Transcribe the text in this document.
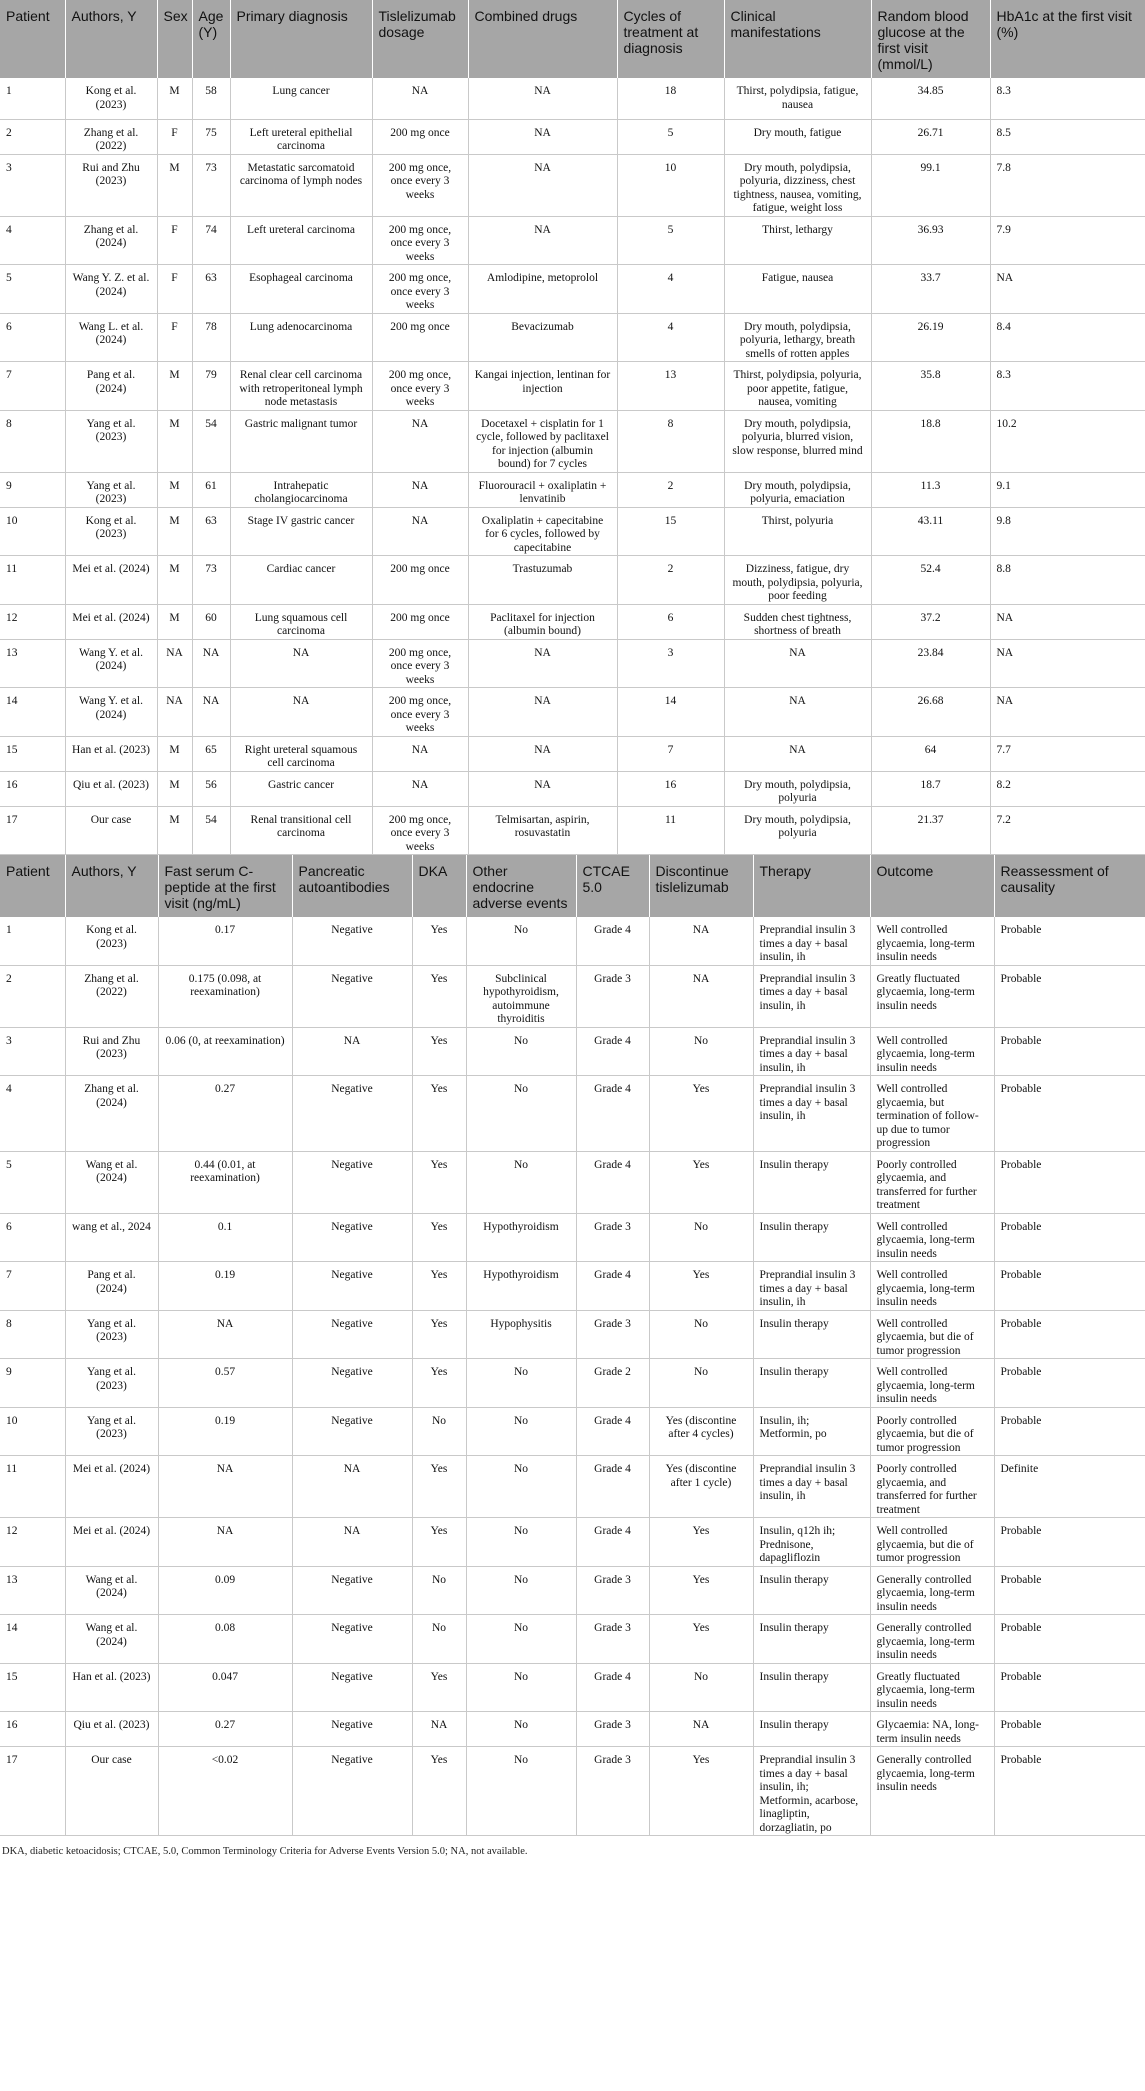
Patient	Authors, Y	Sex	Age (Y)	Primary diagnosis	Tislelizumab dosage	Combined drugs	Cycles of treatment at diagnosis	Clinical manifestations	Random blood glucose at the first visit (mmol/L)	HbA1c at the first visit (%)
1	Kong et al. (2023)	M	58	Lung cancer	NA	NA	18	Thirst, polydipsia, fatigue, nausea	34.85	8.3
2	Zhang et al. (2022)	F	75	Left ureteral epithelial carcinoma	200 mg once	NA	5	Dry mouth, fatigue	26.71	8.5
3	Rui and Zhu (2023)	M	73	Metastatic sarcomatoid carcinoma of lymph nodes	200 mg once, once every 3 weeks	NA	10	Dry mouth, polydipsia, polyuria, dizziness, chest tightness, nausea, vomiting, fatigue, weight loss	99.1	7.8
4	Zhang et al. (2024)	F	74	Left ureteral carcinoma	200 mg once, once every 3 weeks	NA	5	Thirst, lethargy	36.93	7.9
5	Wang Y. Z. et al. (2024)	F	63	Esophageal carcinoma	200 mg once, once every 3 weeks	Amlodipine, metoprolol	4	Fatigue, nausea	33.7	NA
6	Wang L. et al. (2024)	F	78	Lung adenocarcinoma	200 mg once	Bevacizumab	4	Dry mouth, polydipsia, polyuria, lethargy, breath smells of rotten apples	26.19	8.4
7	Pang et al. (2024)	M	79	Renal clear cell carcinoma with retroperitoneal lymph node metastasis	200 mg once, once every 3 weeks	Kangai injection, lentinan for injection	13	Thirst, polydipsia, polyuria, poor appetite, fatigue, nausea, vomiting	35.8	8.3
8	Yang et al. (2023)	M	54	Gastric malignant tumor	NA	Docetaxel + cisplatin for 1 cycle, followed by paclitaxel for injection (albumin bound) for 7 cycles	8	Dry mouth, polydipsia, polyuria, blurred vision, slow response, blurred mind	18.8	10.2
9	Yang et al. (2023)	M	61	Intrahepatic cholangiocarcinoma	NA	Fluorouracil + oxaliplatin + lenvatinib	2	Dry mouth, polydipsia, polyuria, emaciation	11.3	9.1
10	Kong et al. (2023)	M	63	Stage IV gastric cancer	NA	Oxaliplatin + capecitabine for 6 cycles, followed by capecitabine	15	Thirst, polyuria	43.11	9.8
11	Mei et al. (2024)	M	73	Cardiac cancer	200 mg once	Trastuzumab	2	Dizziness, fatigue, dry mouth, polydipsia, polyuria, poor feeding	52.4	8.8
12	Mei et al. (2024)	M	60	Lung squamous cell carcinoma	200 mg once	Paclitaxel for injection (albumin bound)	6	Sudden chest tightness, shortness of breath	37.2	NA
13	Wang Y. et al. (2024)	NA	NA	NA	200 mg once, once every 3 weeks	NA	3	NA	23.84	NA
14	Wang Y. et al. (2024)	NA	NA	NA	200 mg once, once every 3 weeks	NA	14	NA	26.68	NA
15	Han et al. (2023)	M	65	Right ureteral squamous cell carcinoma	NA	NA	7	NA	64	7.7
16	Qiu et al. (2023)	M	56	Gastric cancer	NA	NA	16	Dry mouth, polydipsia, polyuria	18.7	8.2
17	Our case	M	54	Renal transitional cell carcinoma	200 mg once, once every 3 weeks	Telmisartan, aspirin, rosuvastatin	11	Dry mouth, polydipsia, polyuria	21.37	7.2
Patient	Authors, Y	Fast serum C-peptide at the first visit (ng/mL)	Pancreatic autoantibodies	DKA	Other endocrine adverse events	CTCAE 5.0	Discontinue tislelizumab	Therapy	Outcome	Reassessment of causality
1	Kong et al. (2023)	0.17	Negative	Yes	No	Grade 4	NA	Preprandial insulin 3 times a day + basal insulin, ih	Well controlled glycaemia, long-term insulin needs	Probable
2	Zhang et al. (2022)	0.175 (0.098, at reexamination)	Negative	Yes	Subclinical hypothyroidism, autoimmune thyroiditis	Grade 3	NA	Preprandial insulin 3 times a day + basal insulin, ih	Greatly fluctuated glycaemia, long-term insulin needs	Probable
3	Rui and Zhu (2023)	0.06 (0, at reexamination)	NA	Yes	No	Grade 4	No	Preprandial insulin 3 times a day + basal insulin, ih	Well controlled glycaemia, long-term insulin needs	Probable
4	Zhang et al. (2024)	0.27	Negative	Yes	No	Grade 4	Yes	Preprandial insulin 3 times a day + basal insulin, ih	Well controlled glycaemia, but termination of follow-up due to tumor progression	Probable
5	Wang et al. (2024)	0.44 (0.01, at reexamination)	Negative	Yes	No	Grade 4	Yes	Insulin therapy	Poorly controlled glycaemia, and transferred for further treatment	Probable
6	wang et al., 2024	0.1	Negative	Yes	Hypothyroidism	Grade 3	No	Insulin therapy	Well controlled glycaemia, long-term insulin needs	Probable
7	Pang et al. (2024)	0.19	Negative	Yes	Hypothyroidism	Grade 4	Yes	Preprandial insulin 3 times a day + basal insulin, ih	Well controlled glycaemia, long-term insulin needs	Probable
8	Yang et al. (2023)	NA	Negative	Yes	Hypophysitis	Grade 3	No	Insulin therapy	Well controlled glycaemia, but die of tumor progression	Probable
9	Yang et al. (2023)	0.57	Negative	Yes	No	Grade 2	No	Insulin therapy	Well controlled glycaemia, long-term insulin needs	Probable
10	Yang et al. (2023)	0.19	Negative	No	No	Grade 4	Yes (discontine after 4 cycles)	Insulin, ih; Metformin, po	Poorly controlled glycaemia, but die of tumor progression	Probable
11	Mei et al. (2024)	NA	NA	Yes	No	Grade 4	Yes (discontine after 1 cycle)	Preprandial insulin 3 times a day + basal insulin, ih	Poorly controlled glycaemia, and transferred for further treatment	Definite
12	Mei et al. (2024)	NA	NA	Yes	No	Grade 4	Yes	Insulin, q12h ih; Prednisone, dapagliflozin	Well controlled glycaemia, but die of tumor progression	Probable
13	Wang et al. (2024)	0.09	Negative	No	No	Grade 3	Yes	Insulin therapy	Generally controlled glycaemia, long-term insulin needs	Probable
14	Wang et al. (2024)	0.08	Negative	No	No	Grade 3	Yes	Insulin therapy	Generally controlled glycaemia, long-term insulin needs	Probable
15	Han et al. (2023)	0.047	Negative	Yes	No	Grade 4	No	Insulin therapy	Greatly fluctuated glycaemia, long-term insulin needs	Probable
16	Qiu et al. (2023)	0.27	Negative	NA	No	Grade 3	NA	Insulin therapy	Glycaemia: NA, long-term insulin needs	Probable
17	Our case	<0.02	Negative	Yes	No	Grade 3	Yes	Preprandial insulin 3 times a day + basal insulin, ih; Metformin, acarbose, linagliptin, dorzagliatin, po	Generally controlled glycaemia, long-term insulin needs	Probable
DKA, diabetic ketoacidosis; CTCAE, 5.0, Common Terminology Criteria for Adverse Events Version 5.0; NA, not available.
